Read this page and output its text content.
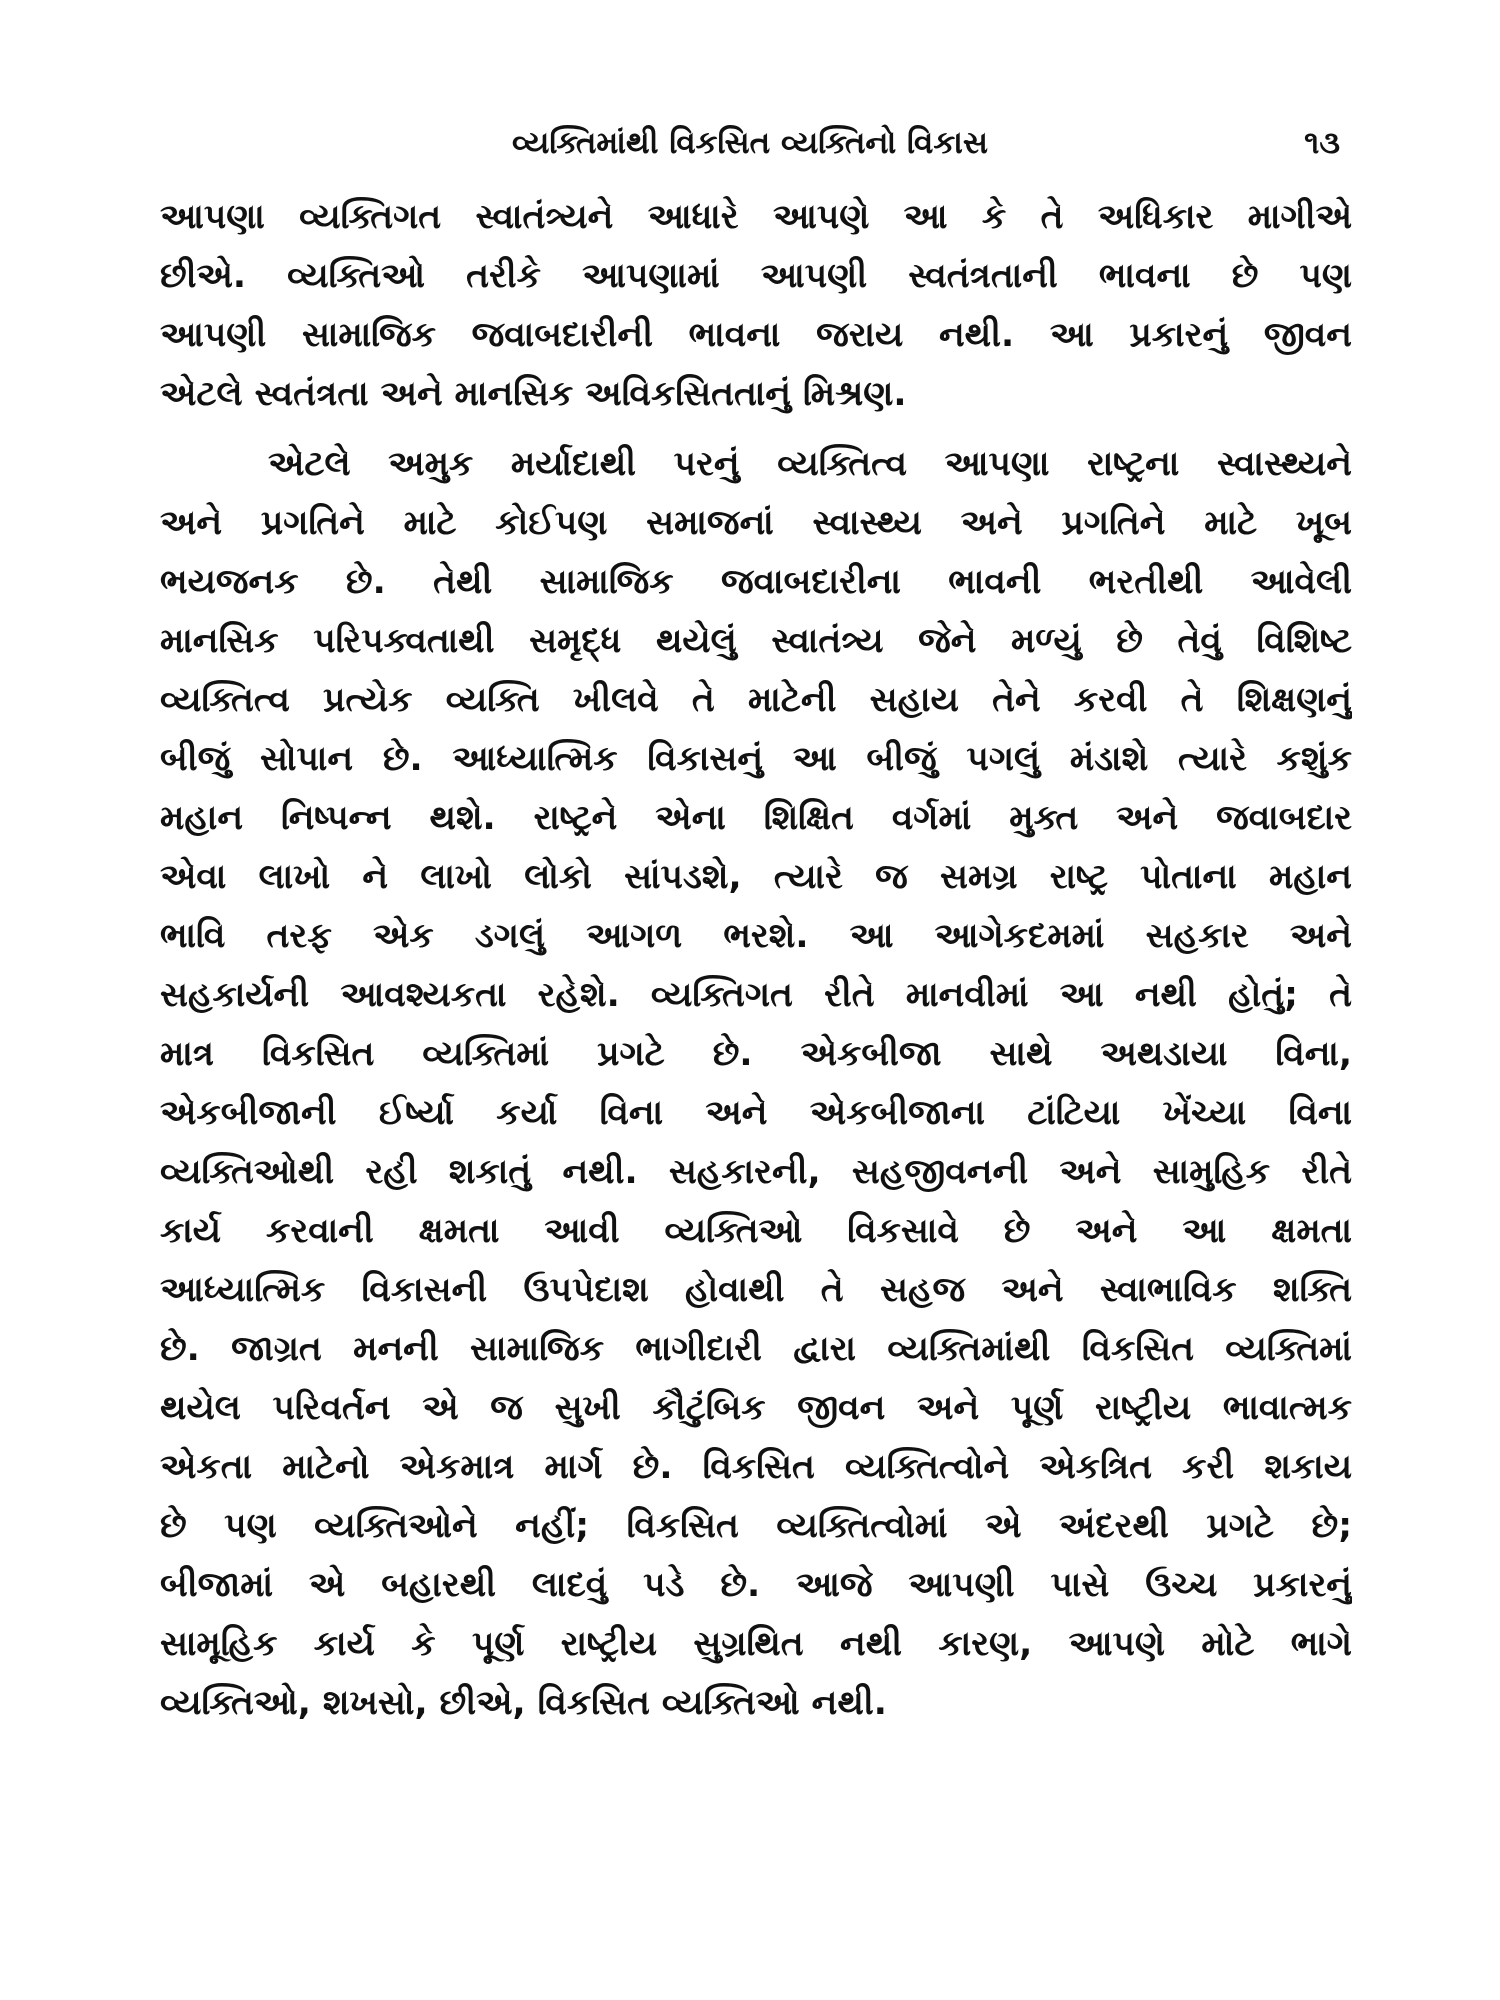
વ્યક્તિમાંથી વિકસિત વ્યક્તિનો વિકાસ	૧૩
આપણા વ્યક્તિગત સ્વાતંત્ર્યને આધારે આપણે આ કે તે અધિકાર માગીએ
છીએ. વ્યક્તિઓ તરીકે આપણામાં આપણી સ્વતંત્રતાની ભાવના છે પણ
આપણી સામાજિક જવાબદારીની ભાવના જરાય નથી. આ પ્રકારનું જીવન
એટલે સ્વતંત્રતા અને માનસિક અવિકસિતતાનું મિશ્રણ.
એટલે અમુક મર્યાદાથી પરનું વ્યક્તિત્વ આપણા રાષ્ટ્રના સ્વાસ્થ્યને
અને પ્રગતિને માટે કોઈપણ સમાજનાં સ્વાસ્થ્ય અને પ્રગતિને માટે ખૂબ
ભયજનક છે. તેથી સામાજિક જવાબદારીના ભાવની ભરતીથી આવેલી
માનસિક પરિપક્વતાથી સમૃદ્ધ થયેલું સ્વાતંત્ર્ય જેને મળ્યું છે તેવું વિશિષ્ટ
વ્યક્તિત્વ પ્રત્યેક વ્યક્તિ ખીલવે તે માટેની સહાય તેને કરવી તે શિક્ષણનું
બીજું સોપાન છે. આધ્યાત્મિક વિકાસનું આ બીજું પગલું મંડાશે ત્યારે કશુંક
મહાન નિષ્પન્ન થશે. રાષ્ટ્રને એના શિક્ષિત વર્ગમાં મુક્ત અને જવાબદાર
એવા લાખો ને લાખો લોકો સાંપડશે, ત્યારે જ સમગ્ર રાષ્ટ્ર પોતાના મહાન
ભાવિ તરફ એક ડગલું આગળ ભરશે. આ આગેકદમમાં સહકાર અને
સહકાર્યની આવશ્યકતા રહેશે. વ્યક્તિગત રીતે માનવીમાં આ નથી હોતું; તે
માત્ર વિકસિત વ્યક્તિમાં પ્રગટે છે. એકબીજા સાથે અથડાયા વિના,
એકબીજાની ઈર્ષ્યા કર્યા વિના અને એકબીજાના ટાંટિયા ખેંચ્યા વિના
વ્યક્તિઓથી રહી શકાતું નથી. સહકારની, સહજીવનની અને સામુહિક રીતે
કાર્ય કરવાની ક્ષમતા આવી વ્યક્તિઓ વિકસાવે છે અને આ ક્ષમતા
આધ્યાત્મિક વિકાસની ઉપપેદાશ હોવાથી તે સહજ અને સ્વાભાવિક શક્તિ
છે. જાગ્રત મનની સામાજિક ભાગીદારી દ્વારા વ્યક્તિમાંથી વિકસિત વ્યક્તિમાં
થયેલ પરિવર્તન એ જ સુખી કૌટુંબિક જીવન અને પૂર્ણ રાષ્ટ્રીય ભાવાત્મક
એકતા માટેનો એકમાત્ર માર્ગ છે. વિકસિત વ્યક્તિત્વોને એકત્રિત કરી શકાય
છે પણ વ્યક્તિઓને નહીં; વિકસિત વ્યક્તિત્વોમાં એ અંદરથી પ્રગટે છે;
બીજામાં એ બહારથી લાદવું પડે છે. આજે આપણી પાસે ઉચ્ચ પ્રકારનું
સામૂહિક કાર્ય કે પૂર્ણ રાષ્ટ્રીય સુગ્રથિત નથી કારણ, આપણે મોટે ભાગે
વ્યક્તિઓ, શખસો, છીએ, વિકસિત વ્યક્તિઓ નથી.
